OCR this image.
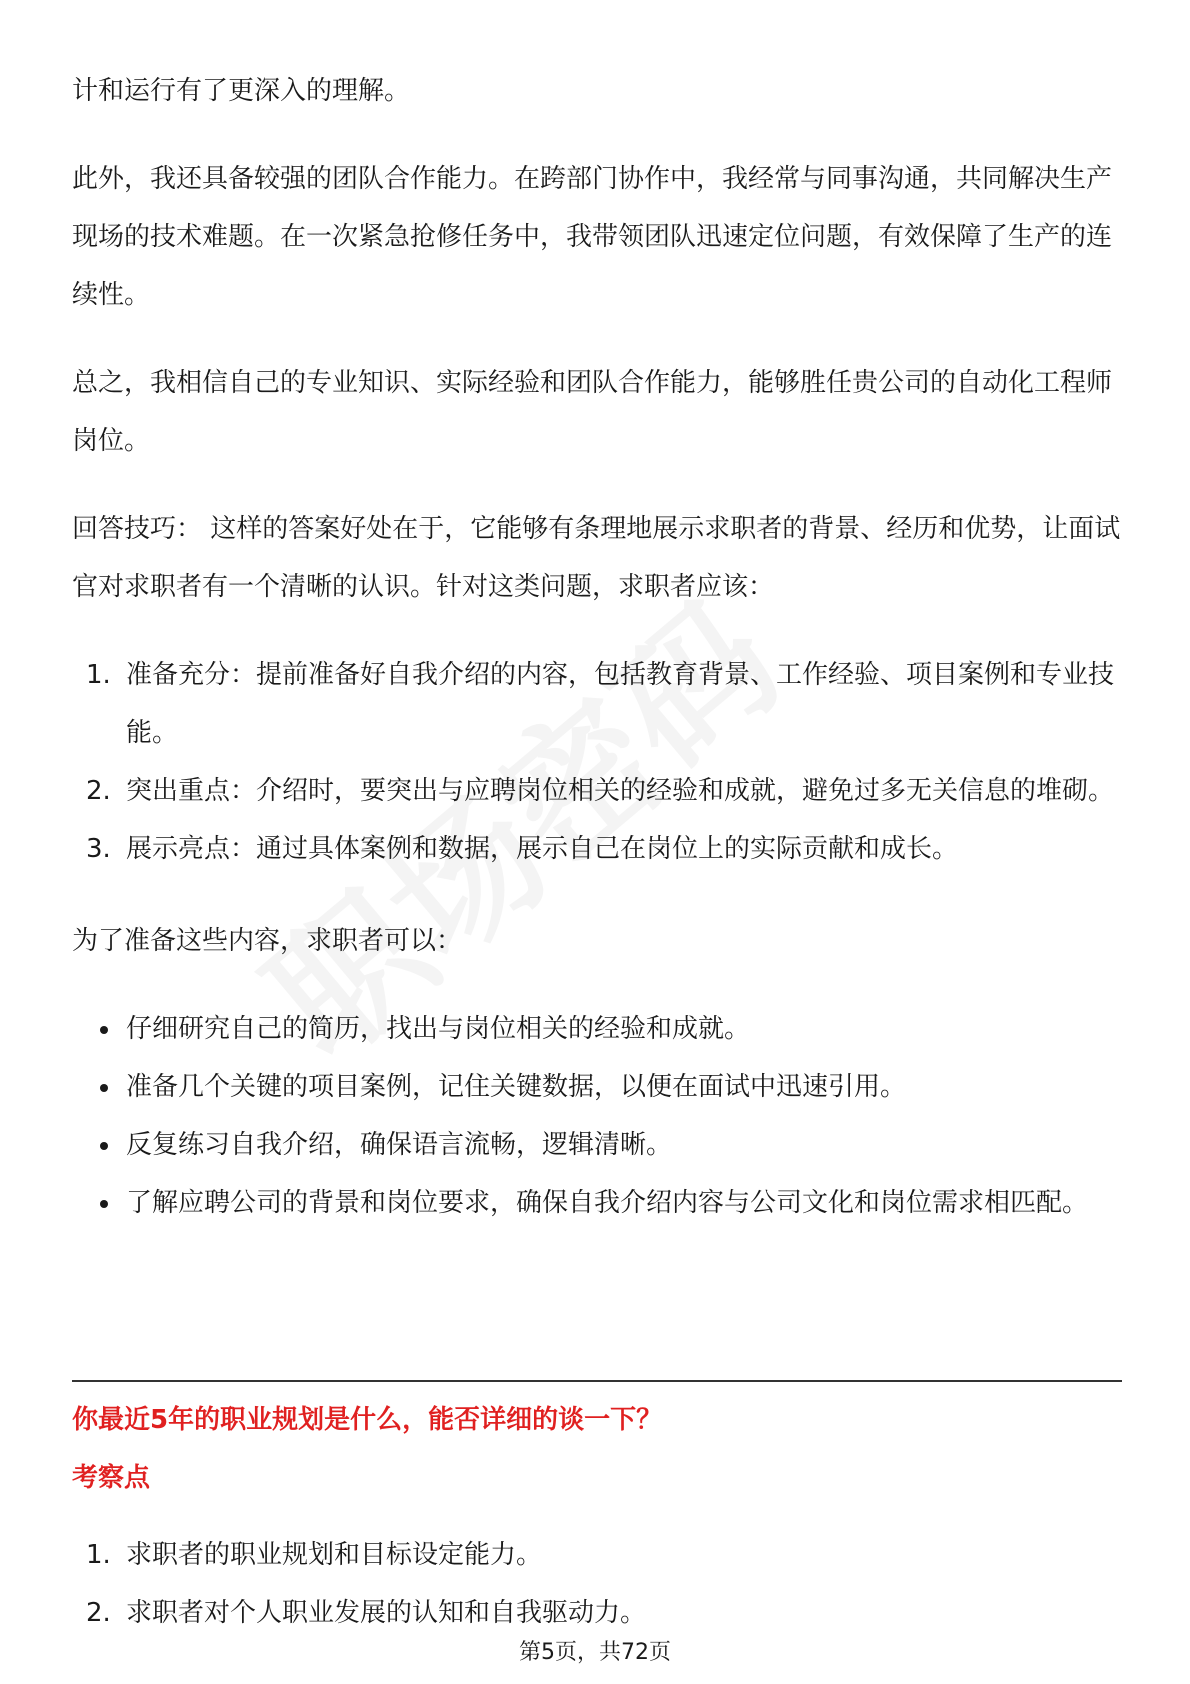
计和运行有了更深入的理解。

此外，我还具备较强的团队合作能力。在跨部门协作中，我经常与同事沟通，共同解决生产现场的技术难题。在一次紧急抢修任务中，我带领团队迅速定位问题，有效保障了生产的连续性。

总之，我相信自己的专业知识、实际经验和团队合作能力，能够胜任贵公司的自动化工程师岗位。

回答技巧： 这样的答案好处在于，它能够有条理地展示求职者的背景、经历和优势，让面试官对求职者有一个清晰的认识。针对这类问题，求职者应该：

1. 准备充分：提前准备好自我介绍的内容，包括教育背景、工作经验、项目案例和专业技能。
2. 突出重点：介绍时，要突出与应聘岗位相关的经验和成就，避免过多无关信息的堆砌。
3. 展示亮点：通过具体案例和数据，展示自己在岗位上的实际贡献和成长。

为了准备这些内容，求职者可以：

仔细研究自己的简历，找出与岗位相关的经验和成就。
准备几个关键的项目案例，记住关键数据，以便在面试中迅速引用。
反复练习自我介绍，确保语言流畅，逻辑清晰。
了解应聘公司的背景和岗位要求，确保自我介绍内容与公司文化和岗位需求相匹配。
你最近5年的职业规划是什么，能否详细的谈一下？
考察点
1. 求职者的职业规划和目标设定能力。
2. 求职者对个人职业发展的认知和自我驱动力。
第5页，共72页
